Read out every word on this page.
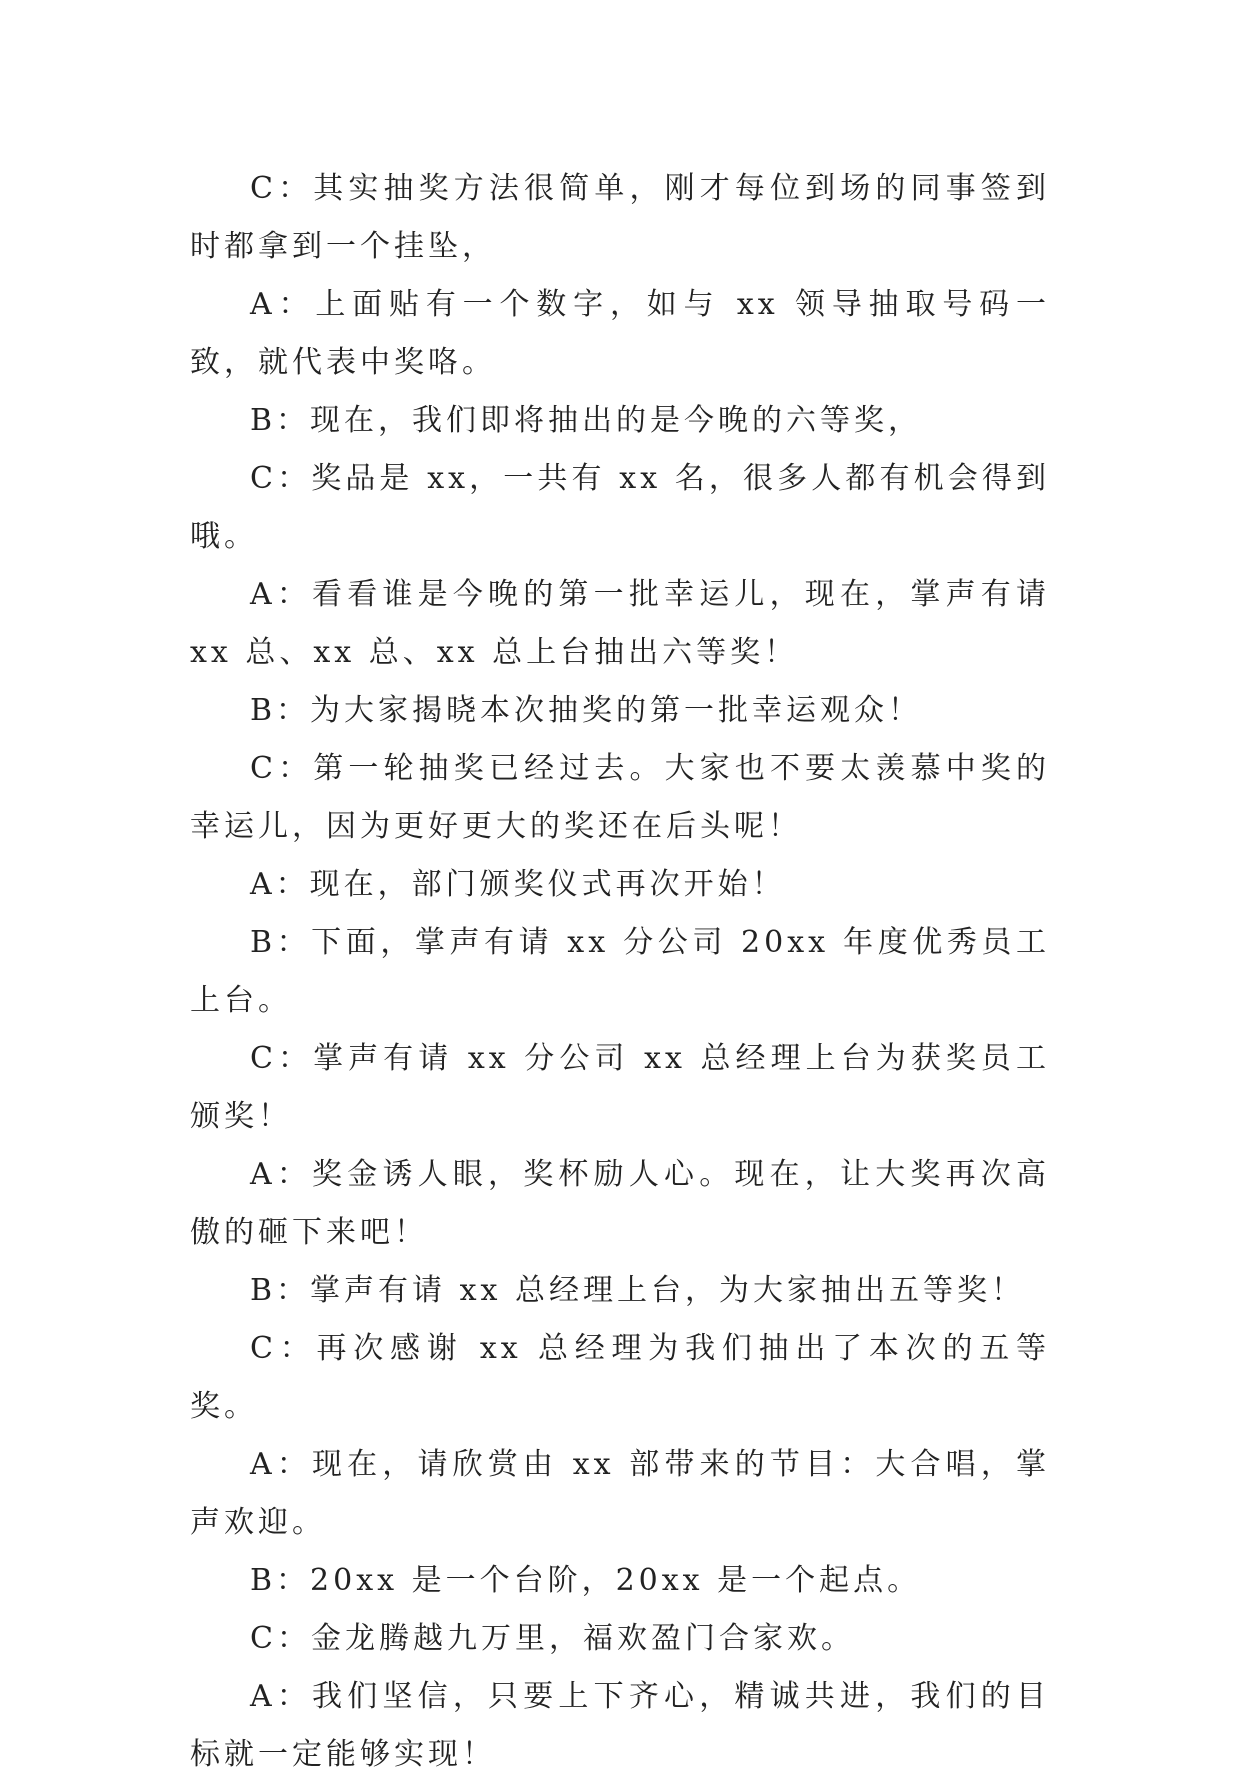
C：其实抽奖方法很简单，刚才每位到场的同事签到时都拿到一个挂坠，

A：上面贴有一个数字，如与 xx 领导抽取号码一致，就代表中奖咯。

B：现在，我们即将抽出的是今晚的六等奖，

C：奖品是 xx，一共有 xx 名，很多人都有机会得到哦。

A：看看谁是今晚的第一批幸运儿，现在，掌声有请 xx 总、xx 总、xx 总上台抽出六等奖！

B：为大家揭晓本次抽奖的第一批幸运观众！

C：第一轮抽奖已经过去。大家也不要太羡慕中奖的幸运儿，因为更好更大的奖还在后头呢！

A：现在，部门颁奖仪式再次开始！

B：下面，掌声有请 xx 分公司 20xx 年度优秀员工上台。

C：掌声有请 xx 分公司 xx 总经理上台为获奖员工颁奖！

A：奖金诱人眼，奖杯励人心。现在，让大奖再次高傲的砸下来吧！

B：掌声有请 xx 总经理上台，为大家抽出五等奖！

C：再次感谢 xx 总经理为我们抽出了本次的五等奖。

A：现在，请欣赏由 xx 部带来的节目：大合唱，掌声欢迎。

B：20xx 是一个台阶，20xx 是一个起点。

C：金龙腾越九万里，福欢盈门合家欢。

A：我们坚信，只要上下齐心，精诚共进，我们的目标就一定能够实现！
